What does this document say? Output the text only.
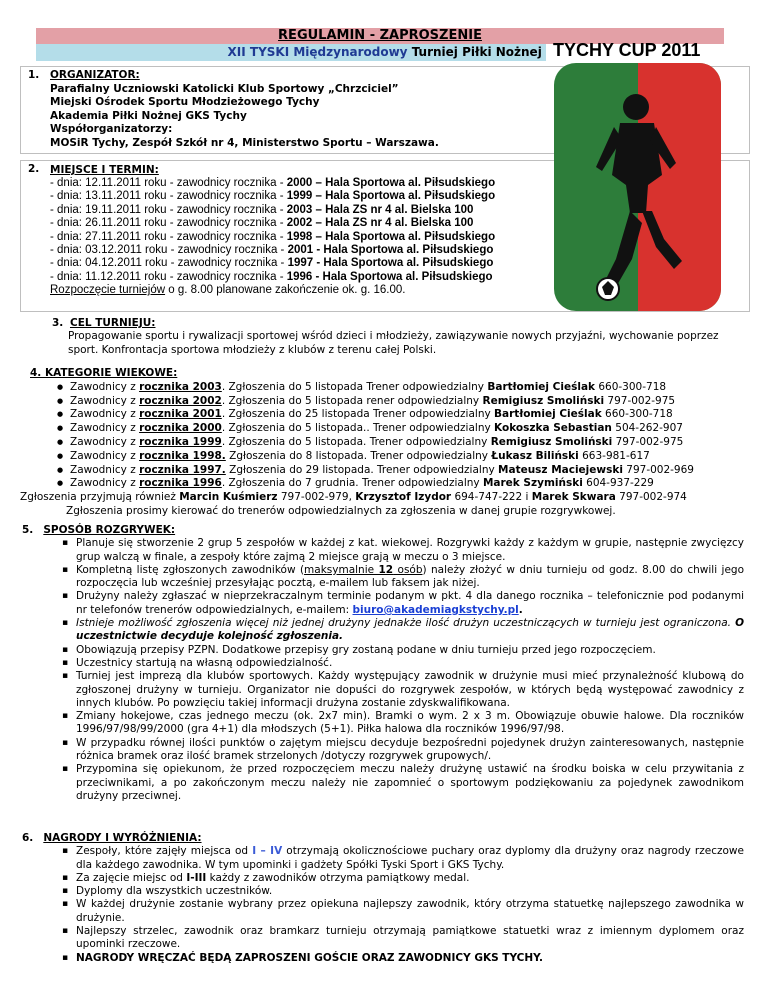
REGULAMIN - ZAPROSZENIE
XII TYSKI Międzynarodowy Turniej Piłki Nożnej TYCHY CUP 2011
1. ORGANIZATOR:
Parafialny Uczniowski Katolicki Klub Sportowy „Chrzciciel”
Miejski Ośrodek Sportu Młodzieżowego Tychy
Akademia Piłki Nożnej GKS Tychy
Współorganizatorzy:
MOSiR Tychy, Zespół Szkół nr 4, Ministerstwo Sportu – Warszawa.
2. MIEJSCE I TERMIN:
- dnia: 12.11.2011 roku - zawodnicy rocznika - 2000 – Hala Sportowa al. Piłsudskiego
- dnia: 13.11.2011 roku - zawodnicy rocznika - 1999 – Hala Sportowa al. Piłsudskiego
- dnia: 19.11.2011 roku - zawodnicy rocznika - 2003 – Hala ZS nr 4 al. Bielska 100
- dnia: 26.11.2011 roku - zawodnicy rocznika - 2002 – Hala ZS nr 4 al. Bielska 100
- dnia: 27.11.2011 roku - zawodnicy rocznika - 1998 – Hala Sportowa al. Piłsudskiego
- dnia: 03.12.2011 roku - zawodnicy rocznika - 2001 - Hala Sportowa al. Piłsudskiego
- dnia: 04.12.2011 roku - zawodnicy rocznika - 1997 - Hala Sportowa al. Piłsudskiego
- dnia: 11.12.2011 roku - zawodnicy rocznika - 1996 - Hala Sportowa al. Piłsudskiego
Rozpoczęcie turniejów o g. 8.00 planowane zakończenie ok. g. 16.00.
3. CEL TURNIEJU:
Propagowanie sportu i rywalizacji sportowej wśród dzieci i młodzieży, zawiązywanie nowych przyjaźni, wychowanie poprzez sport. Konfrontacja sportowa młodzieży z klubów z terenu całej Polski.
4. KATEGORIE WIEKOWE:
● Zawodnicy z rocznika 2003. Zgłoszenia do 5 listopada Trener odpowiedzialny Bartłomiej Cieślak 660-300-718
● Zawodnicy z rocznika 2002. Zgłoszenia do 5 listopada rener odpowiedzialny Remigiusz Smoliński 797-002-975
● Zawodnicy z rocznika 2001. Zgłoszenia do 25 listopada Trener odpowiedzialny Bartłomiej Cieślak 660-300-718
● Zawodnicy z rocznika 2000. Zgłoszenia do 5 listopada.. Trener odpowiedzialny Kokoszka Sebastian 504-262-907
● Zawodnicy z rocznika 1999. Zgłoszenia do 5 listopada. Trener odpowiedzialny Remigiusz Smoliński 797-002-975
● Zawodnicy z rocznika 1998. Zgłoszenia do 8 listopada. Trener odpowiedzialny Łukasz Biliński 663-981-617
● Zawodnicy z rocznika 1997. Zgłoszenia do 29 listopada. Trener odpowiedzialny Mateusz Maciejewski 797-002-969
● Zawodnicy z rocznika 1996. Zgłoszenia do 7 grudnia. Trener odpowiedzialny Marek Szymiński 604-937-229
Zgłoszenia przyjmują również Marcin Kuśmierz 797-002-979, Krzysztof Izydor 694-747-222 i Marek Skwara 797-002-974
Zgłoszenia prosimy kierować do trenerów odpowiedzialnych za zgłoszenia w danej grupie rozgrywkowej.
5. SPOSÓB ROZGRYWEK:
▪ Planuje się stworzenie 2 grup 5 zespołów w każdej z kat. wiekowej. Rozgrywki każdy z każdym w grupie, następnie zwycięzcy grup walczą w finale, a zespoły które zajmą 2 miejsce grają w meczu o 3 miejsce.
▪ Kompletną listę zgłoszonych zawodników (maksymalnie 12 osób) należy złożyć w dniu turnieju od godz. 8.00 do chwili jego rozpoczęcia lub wcześniej przesyłając pocztą, e-mailem lub faksem jak niżej.
▪ Drużyny należy zgłaszać w nieprzekraczalnym terminie podanym w pkt. 4 dla danego rocznika – telefonicznie pod podanymi nr telefonów trenerów odpowiedzialnych, e-mailem: biuro@akademiagkstychy.pl.
▪ Istnieje możliwość zgłoszenia więcej niż jednej drużyny jednakże ilość drużyn uczestniczących w turnieju jest ograniczona. O uczestnictwie decyduje kolejność zgłoszenia.
▪ Obowiązują przepisy PZPN. Dodatkowe przepisy gry zostaną podane w dniu turnieju przed jego rozpoczęciem.
▪ Uczestnicy startują na własną odpowiedzialność.
▪ Turniej jest imprezą dla klubów sportowych. Każdy występujący zawodnik w drużynie musi mieć przynależność klubową do zgłoszonej drużyny w turnieju. Organizator nie dopuści do rozgrywek zespołów, w których będą występować zawodnicy z innych klubów. Po powzięciu takiej informacji drużyna zostanie zdyskwalifikowana.
▪ Zmiany hokejowe, czas jednego meczu (ok. 2x7 min). Bramki o wym. 2 x 3 m. Obowiązuje obuwie halowe. Dla roczników 1996/97/98/99/2000 (gra 4+1) dla młodszych (5+1). Piłka halowa dla roczników 1996/97/98.
▪ W przypadku równej ilości punktów o zajętym miejscu decyduje bezpośredni pojedynek drużyn zainteresowanych, następnie różnica bramek oraz ilość bramek strzelonych /dotyczy rozgrywek grupowych/.
▪ Przypomina się opiekunom, że przed rozpoczęciem meczu należy drużynę ustawić na środku boiska w celu przywitania z przeciwnikami, a po zakończonym meczu należy nie zapomnieć o sportowym podziękowaniu za pojedynek zawodnikom drużyny przeciwnej.
6. NAGRODY I WYRÓŻNIENIA:
▪ Zespoły, które zajęły miejsca od I – IV otrzymają okolicznościowe puchary oraz dyplomy dla drużyny oraz nagrody rzeczowe dla każdego zawodnika. W tym upominki i gadżety Spółki Tyski Sport i GKS Tychy.
▪ Za zajęcie miejsc od I-III każdy z zawodników otrzyma pamiątkowy medal.
▪ Dyplomy dla wszystkich uczestników.
▪ W każdej drużynie zostanie wybrany przez opiekuna najlepszy zawodnik, który otrzyma statuetkę najlepszego zawodnika w drużynie.
▪ Najlepszy strzelec, zawodnik oraz bramkarz turnieju otrzymają pamiątkowe statuetki wraz z imiennym dyplomem oraz upominki rzeczowe.
▪ NAGRODY WRĘCZAĆ BĘDĄ ZAPROSZENI GOŚCIE ORAZ ZAWODNICY GKS TYCHY.
